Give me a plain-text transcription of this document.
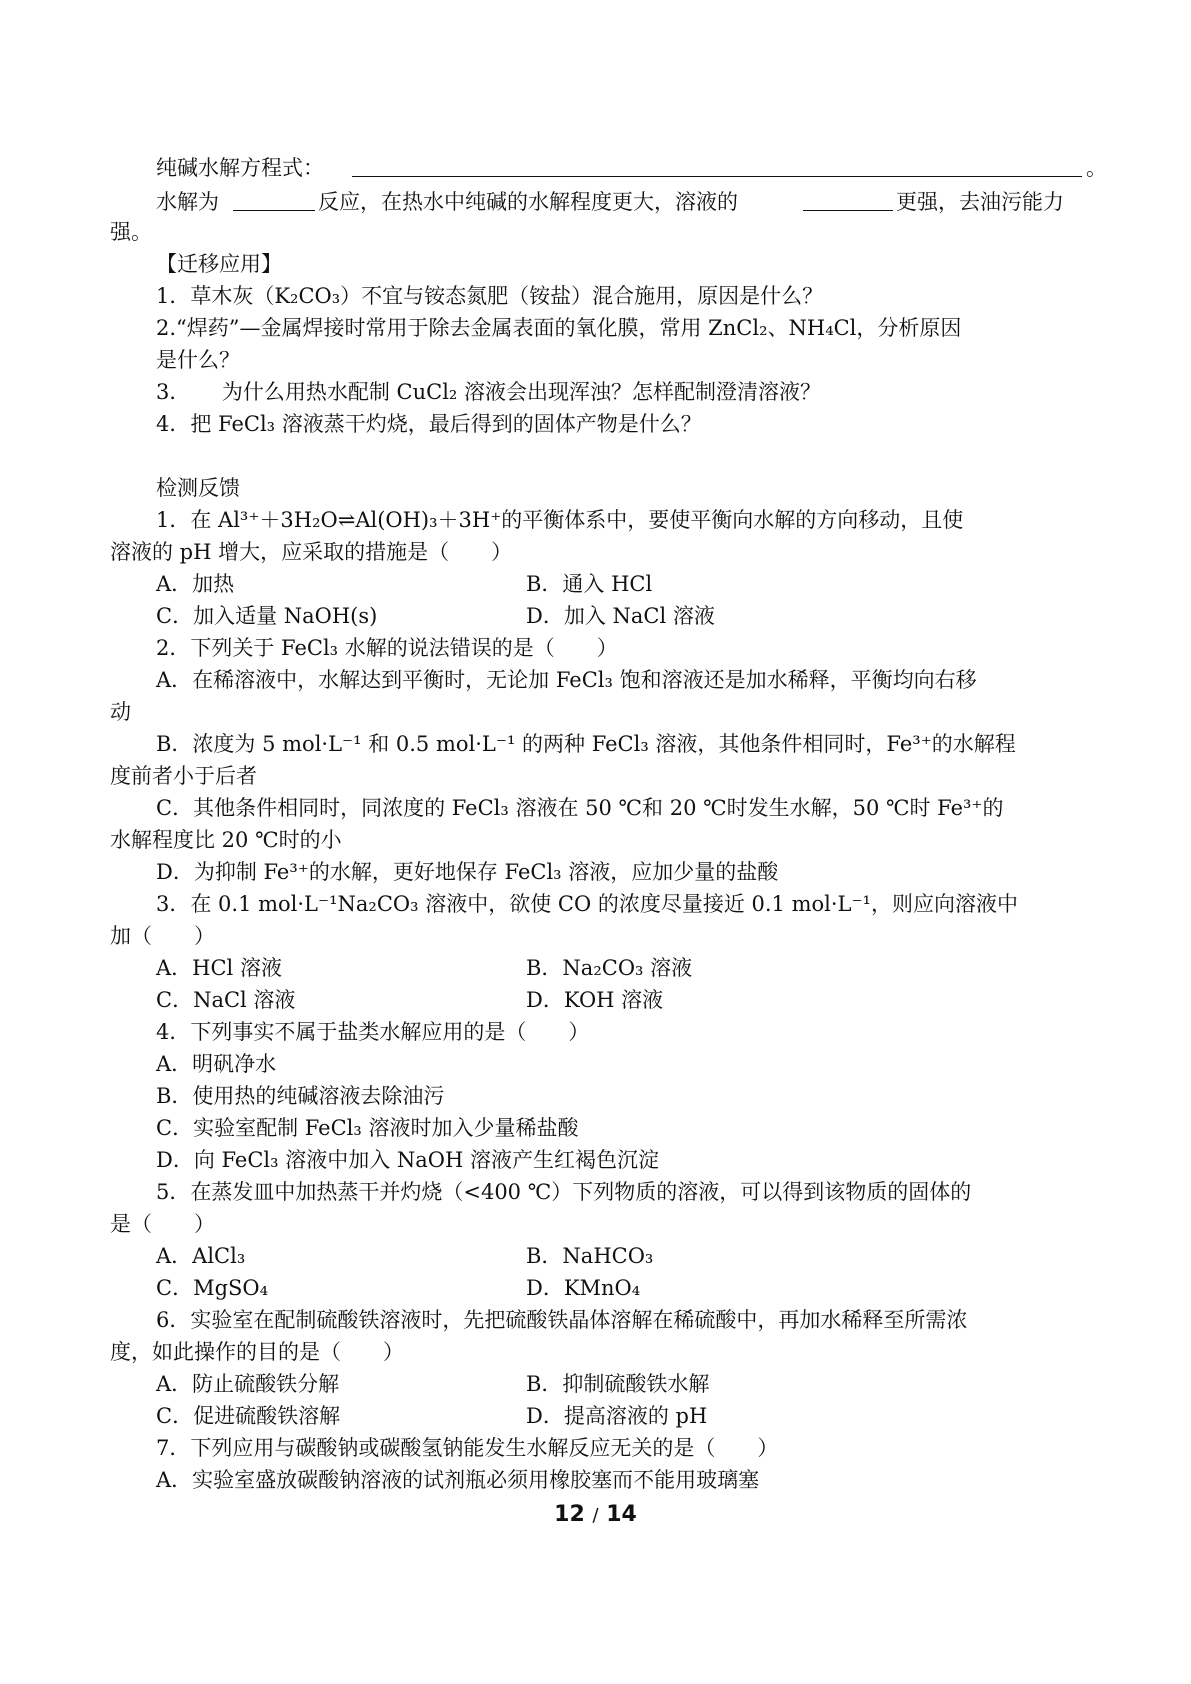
纯碱水解方程式：	。
水解为	反应，在热水中纯碱的水解程度更大，溶液的	更强，去油污能力
强。
【迁移应用】
1．草木灰（K₂CO₃）不宜与铵态氮肥（铵盐）混合施用，原因是什么？
2.“焊药”—金属焊接时常用于除去金属表面的氧化膜，常用 ZnCl₂、NH₄Cl，分析原因
是什么？
3．　　为什么用热水配制 CuCl₂ 溶液会出现浑浊？怎样配制澄清溶液？
4．把 FeCl₃ 溶液蒸干灼烧，最后得到的固体产物是什么？
检测反馈
1．在 Al³⁺＋3H₂O⇌Al(OH)₃＋3H⁺的平衡体系中，要使平衡向水解的方向移动，且使
溶液的 pH 增大，应采取的措施是（　　）
A．加热	B．通入 HCl
C．加入适量 NaOH(s)	D．加入 NaCl 溶液
2．下列关于 FeCl₃ 水解的说法错误的是（　　）
A．在稀溶液中，水解达到平衡时，无论加 FeCl₃ 饱和溶液还是加水稀释，平衡均向右移
动
B．浓度为 5 mol·L⁻¹ 和 0.5 mol·L⁻¹ 的两种 FeCl₃ 溶液，其他条件相同时，Fe³⁺的水解程
度前者小于后者
C．其他条件相同时，同浓度的 FeCl₃ 溶液在 50 ℃和 20 ℃时发生水解，50 ℃时 Fe³⁺的
水解程度比 20 ℃时的小
D．为抑制 Fe³⁺的水解，更好地保存 FeCl₃ 溶液，应加少量的盐酸
3．在 0.1 mol·L⁻¹Na₂CO₃ 溶液中，欲使 CO 的浓度尽量接近 0.1 mol·L⁻¹，则应向溶液中
加（　　）
A．HCl 溶液	B．Na₂CO₃ 溶液
C．NaCl 溶液	D．KOH 溶液
4．下列事实不属于盐类水解应用的是（　　）
A．明矾净水
B．使用热的纯碱溶液去除油污
C．实验室配制 FeCl₃ 溶液时加入少量稀盐酸
D．向 FeCl₃ 溶液中加入 NaOH 溶液产生红褐色沉淀
5．在蒸发皿中加热蒸干并灼烧（<400 ℃）下列物质的溶液，可以得到该物质的固体的
是（　　）
A．AlCl₃	B．NaHCO₃
C．MgSO₄	D．KMnO₄
6．实验室在配制硫酸铁溶液时，先把硫酸铁晶体溶解在稀硫酸中，再加水稀释至所需浓
度，如此操作的目的是（　　）
A．防止硫酸铁分解	B．抑制硫酸铁水解
C．促进硫酸铁溶解	D．提高溶液的 pH
7．下列应用与碳酸钠或碳酸氢钠能发生水解反应无关的是（　　）
A．实验室盛放碳酸钠溶液的试剂瓶必须用橡胶塞而不能用玻璃塞
12 / 14
